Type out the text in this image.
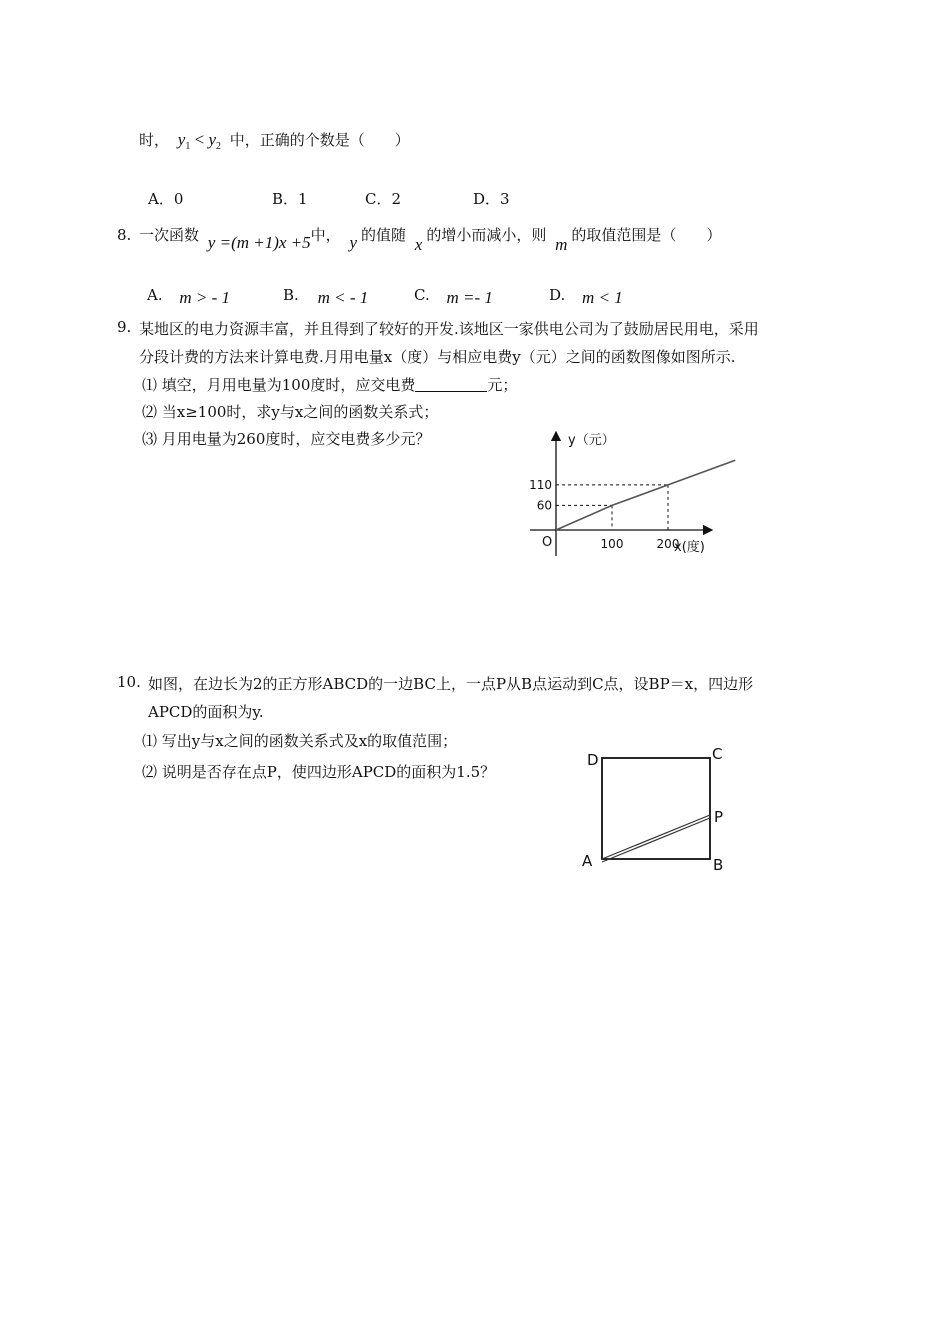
时， $y_1 < y_2$ 中，正确的个数是（　　）
A．0	B．1	C．2	D．3
8. 一次函数 y =(m +1)x +5中， y 的值随 x 的增小而减小，则 m 的取值范围是（　　）
A. m > - 1	B. m < - 1	C. m =- 1	D. m < 1
9. 某地区的电力资源丰富，并且得到了较好的开发.该地区一家供电公司为了鼓励居民用电，采用
分段计费的方法来计算电费.月用电量x（度）与相应电费y（元）之间的函数图像如图所示.
⑴ 填空，月用电量为100度时，应交电费	元；
⑵ 当x≥100时，求y与x之间的函数关系式；
⑶ 月用电量为260度时，应交电费多少元？	y（元）
x(度)
O	100	200
60
110
10. 如图，在边长为2的正方形ABCD的一边BC上，一点P从B点运动到C点，设BP＝x，四边形
APCD的面积为y.
⑴ 写出y与x之间的函数关系式及x的取值范围；
⑵ 说明是否存在点P，使四边形APCD的面积为1.5？
D	C
P
A	B
